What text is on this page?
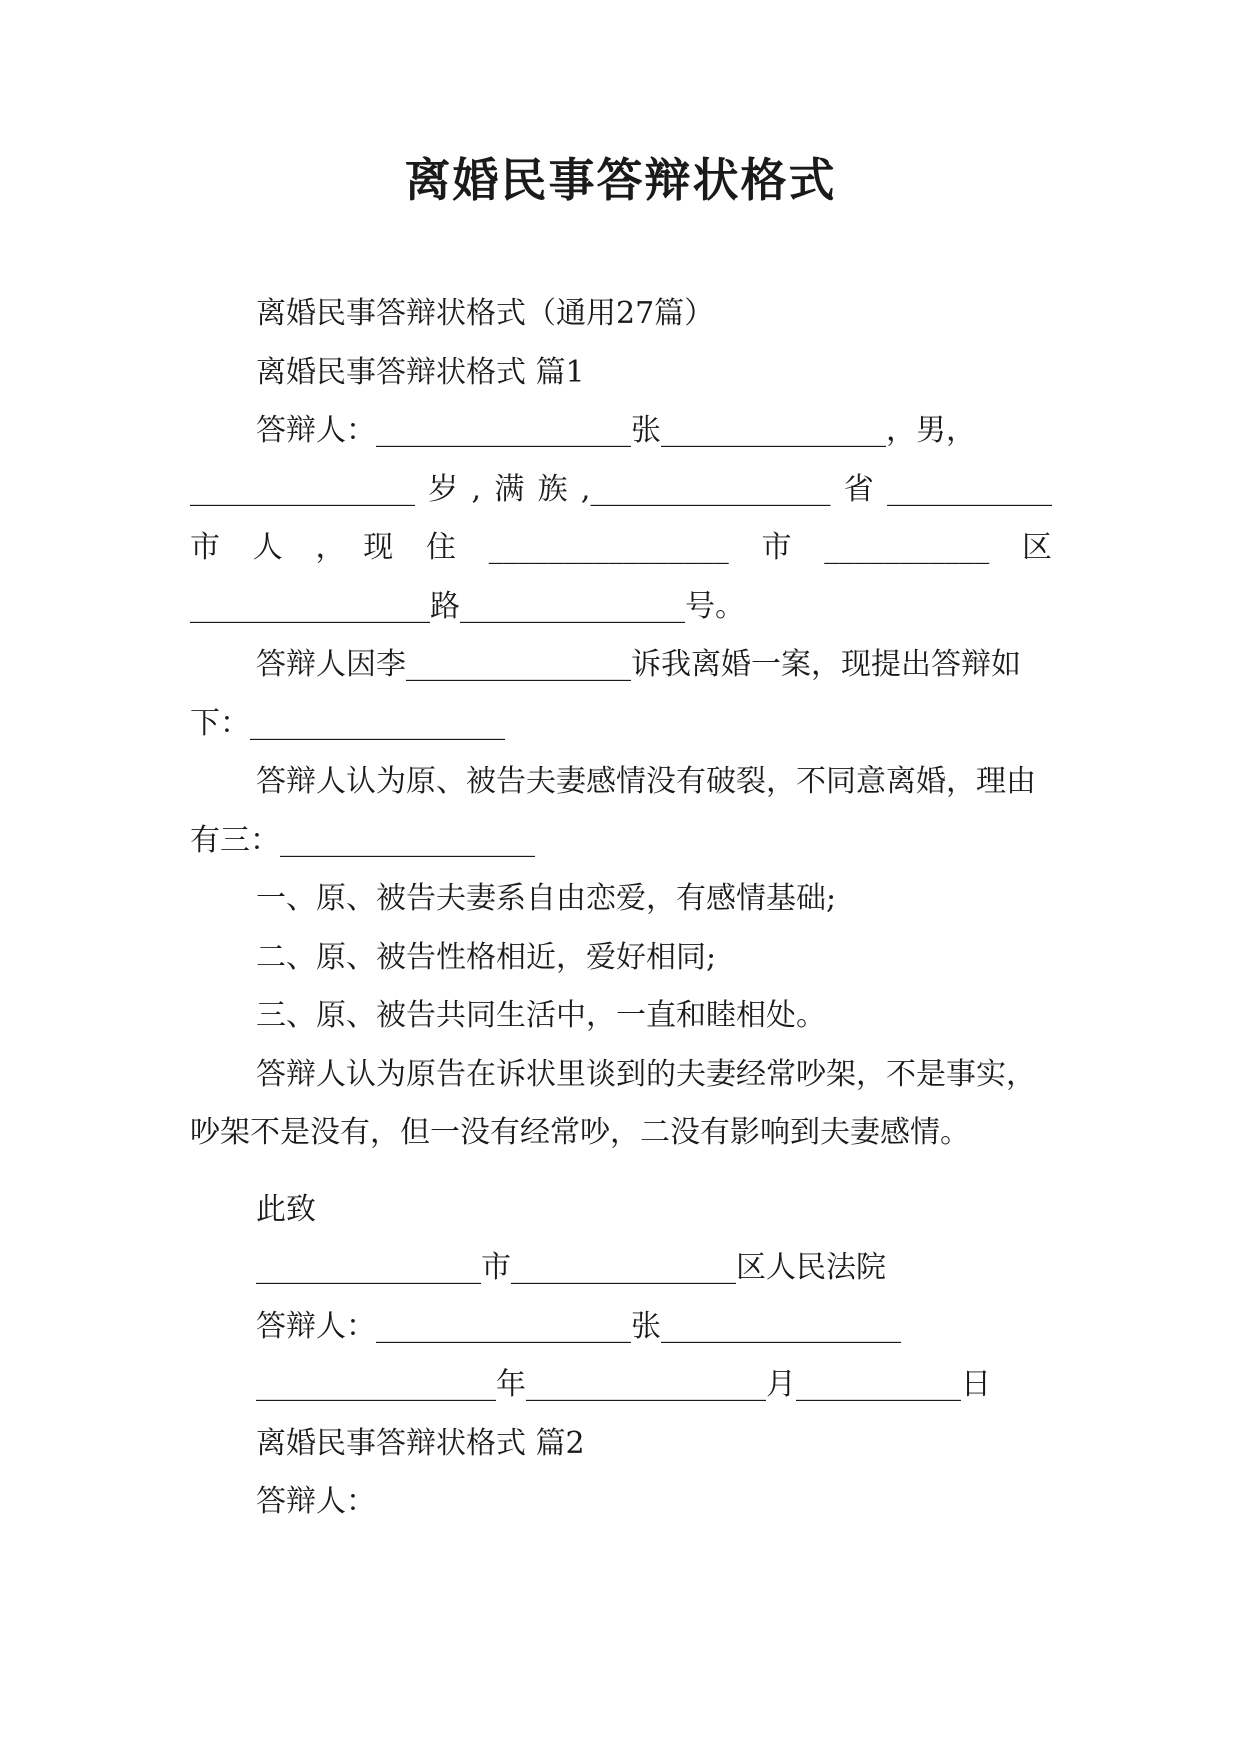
离婚民事答辩状格式

离婚民事答辩状格式（通用27篇）

离婚民事答辩状格式 篇1

答辩人：_________________张_______________，男，

_______________岁,满族,________________省___________

市　人　，　现　住　________________　市　___________　区

________________路_______________号。

答辩人因李_______________诉我离婚一案，现提出答辩如下：_________________

答辩人认为原、被告夫妻感情没有破裂，不同意离婚，理由有三：_________________

一、原、被告夫妻系自由恋爱，有感情基础;

二、原、被告性格相近，爱好相同;

三、原、被告共同生活中，一直和睦相处。

答辩人认为原告在诉状里谈到的夫妻经常吵架，不是事实，吵架不是没有，但一没有经常吵，二没有影响到夫妻感情。

此致

_______________市_______________区人民法院

答辩人：_________________张________________

________________年________________月___________日

离婚民事答辩状格式 篇2

答辩人：
